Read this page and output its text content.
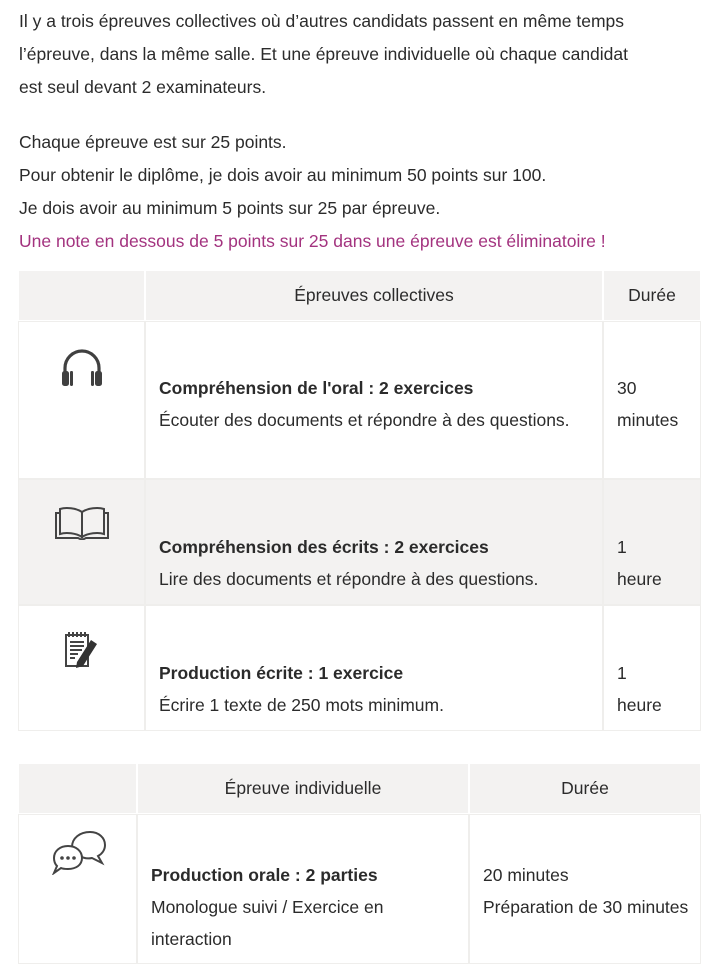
Il y a trois épreuves collectives où d’autres candidats passent en même temps

l’épreuve, dans la même salle. Et une épreuve individuelle où chaque candidat

est seul devant 2 examinateurs.

Chaque épreuve est sur 25 points.

Pour obtenir le diplôme, je dois avoir au minimum 50 points sur 100.

Je dois avoir au minimum 5 points sur 25 par épreuve.

Une note en dessous de 5 points sur 25 dans une épreuve est éliminatoire !

	Épreuves collectives	Durée

Compréhension de l'oral : 2 exercices
Écouter des documents et répondre à des questions.	30
minutes

Compréhension des écrits : 2 exercices
Lire des documents et répondre à des questions.	1
heure

Production écrite : 1 exercice
Écrire 1 texte de 250 mots minimum.	1
heure
	Épreuve individuelle	Durée

Production orale : 2 parties
Monologue suivi / Exercice en interaction	20 minutes
Préparation de 30 minutes
